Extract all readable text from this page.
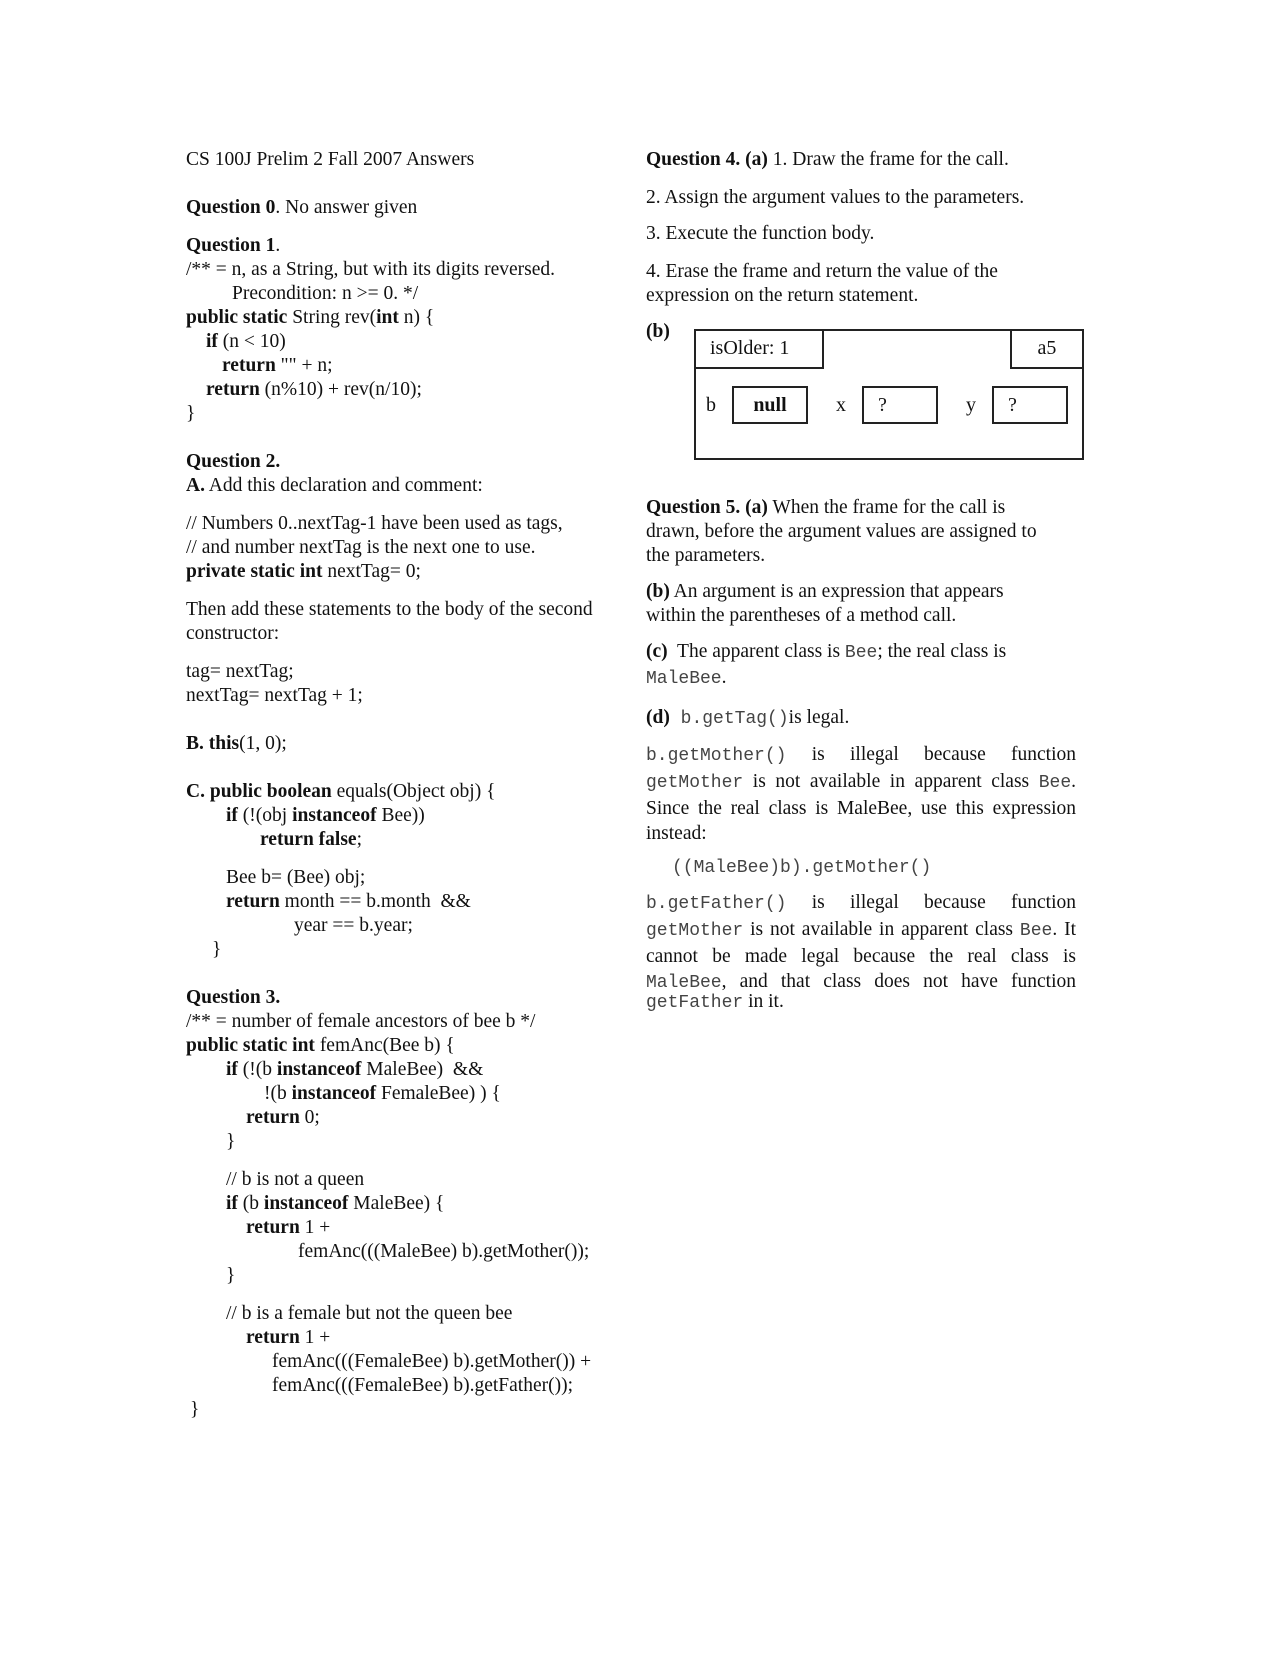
CS 100J Prelim 2 Fall 2007 Answers
Question 0. No answer given
Question 1.
/** = n, as a String, but with its digits reversed.
Precondition: n >= 0. */
public static String rev(int n) {
if (n < 10)
return "" + n;
return (n%10) + rev(n/10);
}
Question 2.
A. Add this declaration and comment:
// Numbers 0..nextTag-1 have been used as tags,
// and number nextTag is the next one to use.
private static int nextTag= 0;
Then add these statements to the body of the second
constructor:
tag= nextTag;
nextTag= nextTag + 1;
B. this(1, 0);
C. public boolean equals(Object obj) {
if (!(obj instanceof Bee))
return false;
Bee b= (Bee) obj;
return month == b.month  &&
year == b.year;
}
Question 3.
/** = number of female ancestors of bee b */
public static int femAnc(Bee b) {
if (!(b instanceof MaleBee)  &&
!(b instanceof FemaleBee) ) {
return 0;
}
// b is not a queen
if (b instanceof MaleBee) {
return 1 +
femAnc(((MaleBee) b).getMother());
}
// b is a female but not the queen bee
return 1 +
femAnc(((FemaleBee) b).getMother()) +
femAnc(((FemaleBee) b).getFather());
}
Question 4. (a) 1. Draw the frame for the call.
2. Assign the argument values to the parameters.
3. Execute the function body.
4. Erase the frame and return the value of the
expression on the return statement.
(b)
isOlder: 1	a5
b	null	x	?	y	?
Question 5. (a) When the frame for the call is
drawn, before the argument values are assigned to
the parameters.
(b) An argument is an expression that appears
within the parentheses of a method call.
(c)  The apparent class is Bee; the real class is
MaleBee.
(d) b.getTag()is legal.
b.getMother() is illegal because function getMother is not available in apparent class Bee. Since the real class is MaleBee, use this expression instead:
((MaleBee)b).getMother()
b.getFather() is illegal because function getMother is not available in apparent class Bee. It cannot be made legal because the real class is MaleBee, and that class does not have function
getFather in it.
